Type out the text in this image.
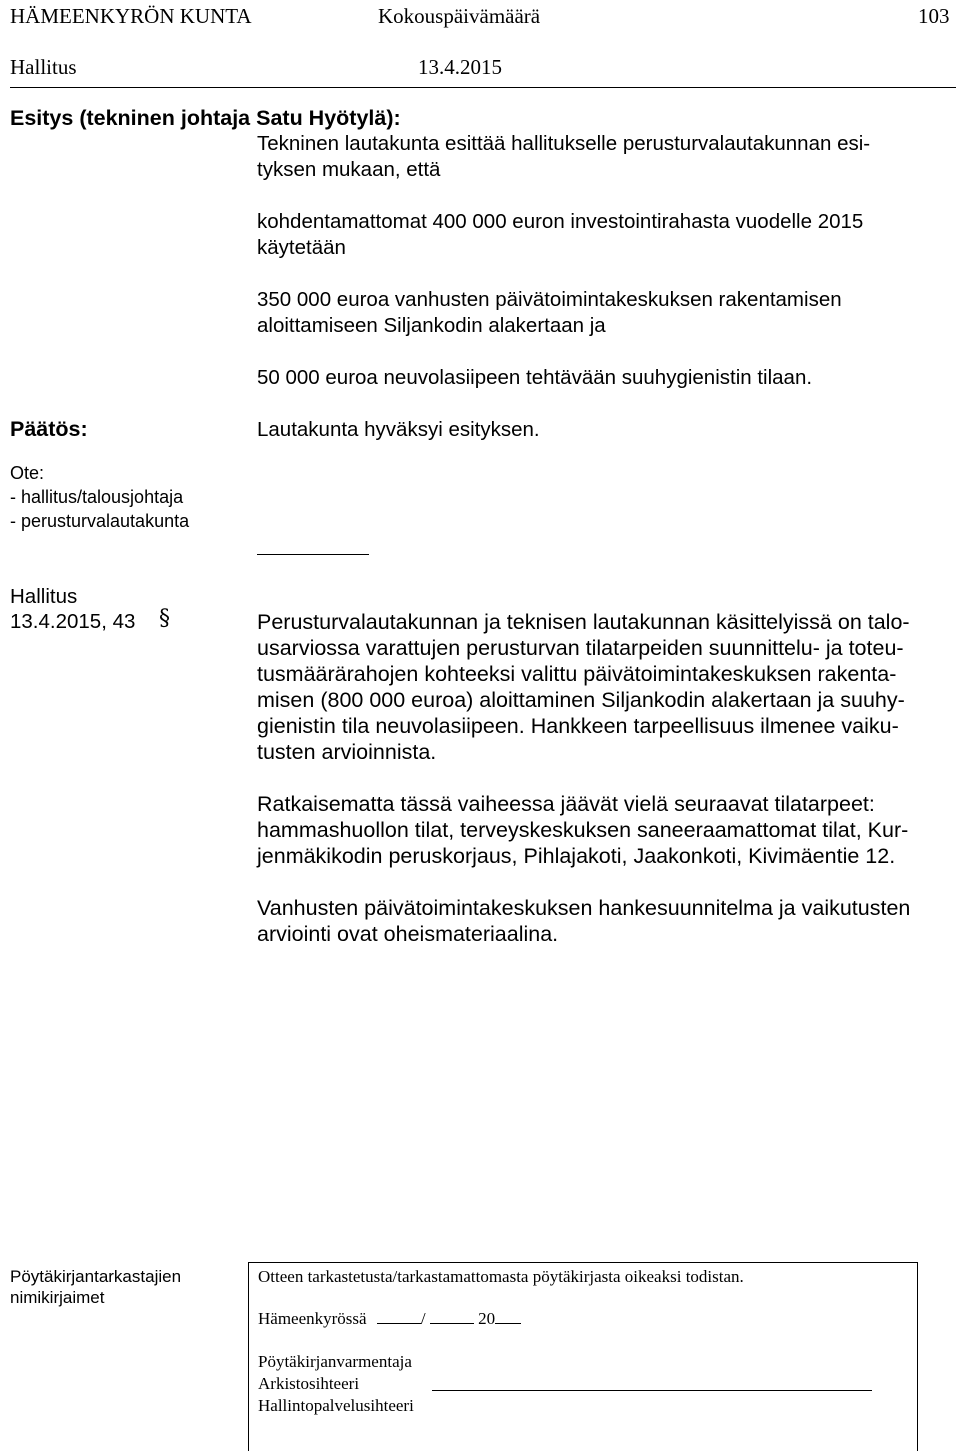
HÄMEENKYRÖN KUNTA	Kokouspäivämäärä	103
Hallitus	13.4.2015
Esitys (tekninen johtaja Satu Hyötylä):
Tekninen lautakunta esittää hallitukselle perusturvalautakunnan esi-
tyksen mukaan, että
kohdentamattomat 400 000 euron investointirahasta vuodelle 2015
käytetään
350 000 euroa vanhusten päivätoimintakeskuksen rakentamisen
aloittamiseen Siljankodin alakertaan ja
50 000 euroa neuvolasiipeen tehtävään suuhygienistin tilaan.
Päätös:	Lautakunta hyväksyi esityksen.
Ote:
- hallitus/talousjohtaja
- perusturvalautakunta
Hallitus
13.4.2015, 43 §	Perusturvalautakunnan ja teknisen lautakunnan käsittelyissä on talo-
usarviossa varattujen perusturvan tilatarpeiden suunnittelu- ja toteu-
tusmäärärahojen kohteeksi valittu päivätoimintakeskuksen rakenta-
misen (800 000 euroa) aloittaminen Siljankodin alakertaan ja suuhy-
gienistin tila neuvolasiipeen. Hankkeen tarpeellisuus ilmenee vaiku-
tusten arvioinnista.
Ratkaisematta tässä vaiheessa jäävät vielä seuraavat tilatarpeet:
hammashuollon tilat, terveyskeskuksen saneeraamattomat tilat, Kur-
jenmäkikodin peruskorjaus, Pihlajakoti, Jaakonkoti, Kivimäentie 12.
Vanhusten päivätoimintakeskuksen hankesuunnitelma ja vaikutusten
arviointi ovat oheismateriaalina.
Pöytäkirjantarkastajien
nimikirjaimet
Otteen tarkastetusta/tarkastamattomasta pöytäkirjasta oikeaksi todistan.
Hämeenkyrössä	/	20
Pöytäkirjanvarmentaja
Arkistosihteeri
Hallintopalvelusihteeri
